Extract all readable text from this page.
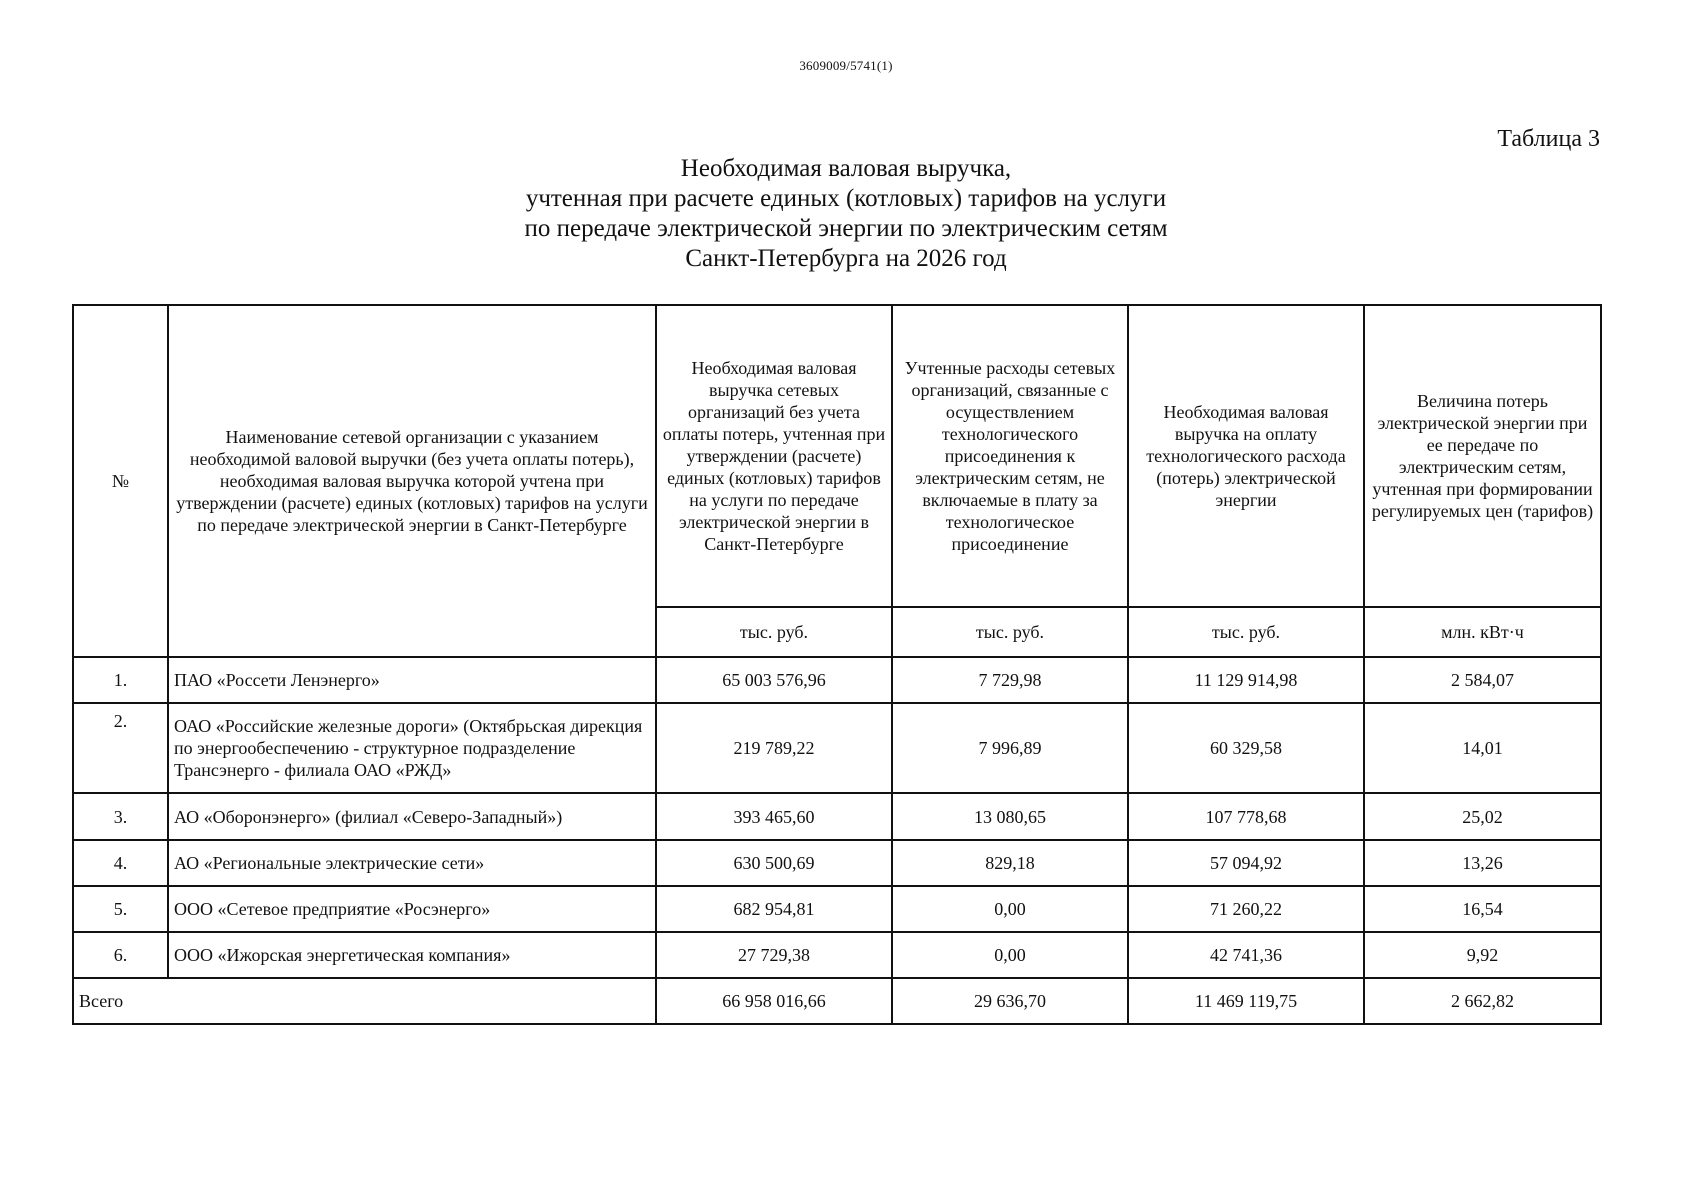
3609009/5741(1)
Таблица 3
Необходимая валовая выручка,
учтенная при расчете единых (котловых) тарифов на услуги
по передаче электрической энергии по электрическим сетям
Санкт-Петербурга на 2026 год
№	Наименование сетевой организации с указанием необходимой валовой выручки (без учета оплаты потерь), необходимая валовая выручка которой учтена при утверждении (расчете) единых (котловых) тарифов на услуги по передаче электрической энергии в Санкт-Петербурге	Необходимая валовая выручка сетевых организаций без учета оплаты потерь, учтенная при утверждении (расчете) единых (котловых) тарифов на услуги по передаче электрической энергии в Санкт-Петербурге	Учтенные расходы сетевых организаций, связанные с осуществлением технологического присоединения к электрическим сетям, не включаемые в плату за технологическое присоединение	Необходимая валовая выручка на оплату технологического расхода (потерь) электрической энергии	Величина потерь электрической энергии при ее передаче по электрическим сетям, учтенная при формировании регулируемых цен (тарифов)
		тыс. руб.	тыс. руб.	тыс. руб.	млн. кВт·ч
1.	ПАО «Россети Ленэнерго»	65 003 576,96	7 729,98	11 129 914,98	2 584,07
2.	ОАО «Российские железные дороги» (Октябрьская дирекция по энергообеспечению - структурное подразделение Трансэнерго - филиала ОАО «РЖД»	219 789,22	7 996,89	60 329,58	14,01
3.	АО «Оборонэнерго» (филиал «Северо-Западный»)	393 465,60	13 080,65	107 778,68	25,02
4.	АО «Региональные электрические сети»	630 500,69	829,18	57 094,92	13,26
5.	ООО «Сетевое предприятие «Росэнерго»	682 954,81	0,00	71 260,22	16,54
6.	ООО «Ижорская энергетическая компания»	27 729,38	0,00	42 741,36	9,92
Всего		66 958 016,66	29 636,70	11 469 119,75	2 662,82
